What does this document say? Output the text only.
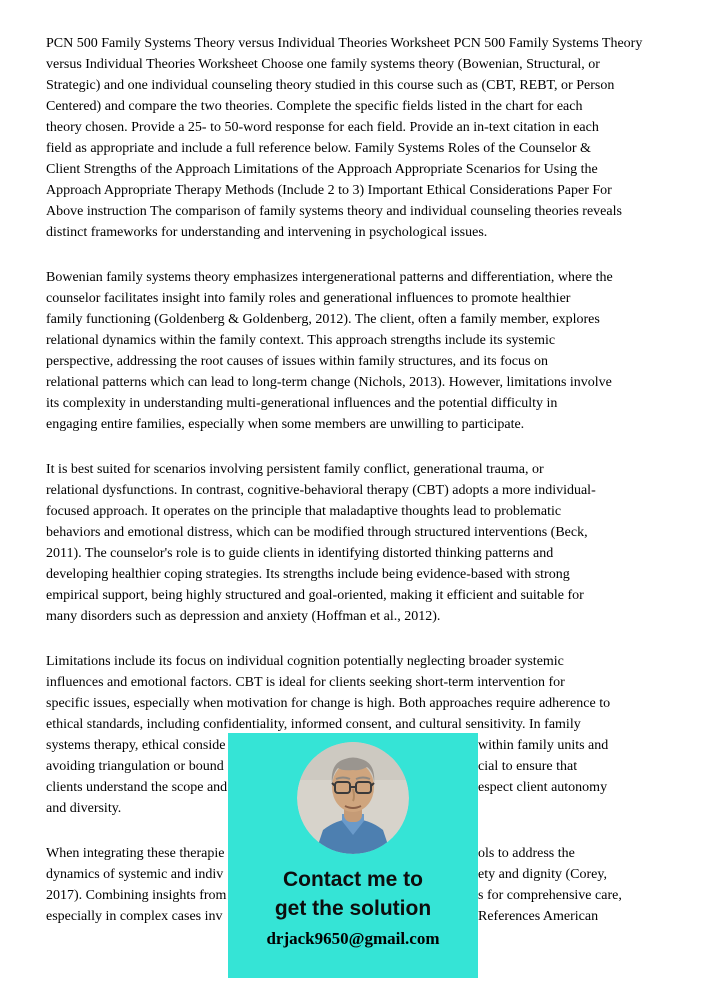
PCN 500 Family Systems Theory versus Individual Theories Worksheet PCN 500 Family Systems Theory
versus Individual Theories Worksheet Choose one family systems theory (Bowenian, Structural, or
Strategic) and one individual counseling theory studied in this course such as (CBT, REBT, or Person
Centered) and compare the two theories. Complete the specific fields listed in the chart for each
theory chosen. Provide a 25- to 50-word response for each field. Provide an in-text citation in each
field as appropriate and include a full reference below. Family Systems Roles of the Counselor &
Client Strengths of the Approach Limitations of the Approach Appropriate Scenarios for Using the
Approach Appropriate Therapy Methods (Include 2 to 3) Important Ethical Considerations Paper For
Above instruction The comparison of family systems theory and individual counseling theories reveals
distinct frameworks for understanding and intervening in psychological issues.
Bowenian family systems theory emphasizes intergenerational patterns and differentiation, where the
counselor facilitates insight into family roles and generational influences to promote healthier
family functioning (Goldenberg & Goldenberg, 2012). The client, often a family member, explores
relational dynamics within the family context. This approach strengths include its systemic
perspective, addressing the root causes of issues within family structures, and its focus on
relational patterns which can lead to long-term change (Nichols, 2013). However, limitations involve
its complexity in understanding multi-generational influences and the potential difficulty in
engaging entire families, especially when some members are unwilling to participate.
It is best suited for scenarios involving persistent family conflict, generational trauma, or
relational dysfunctions. In contrast, cognitive-behavioral therapy (CBT) adopts a more individual-
focused approach. It operates on the principle that maladaptive thoughts lead to problematic
behaviors and emotional distress, which can be modified through structured interventions (Beck,
2011). The counselor's role is to guide clients in identifying distorted thinking patterns and
developing healthier coping strategies. Its strengths include being evidence-based with strong
empirical support, being highly structured and goal-oriented, making it efficient and suitable for
many disorders such as depression and anxiety (Hoffman et al., 2012).
Limitations include its focus on individual cognition potentially neglecting broader systemic
influences and emotional factors. CBT is ideal for clients seeking short-term intervention for
specific issues, especially when motivation for change is high. Both approaches require adherence to
ethical standards, including confidentiality, informed consent, and cultural sensitivity. In family
systems therapy, ethical conside	within family units and
avoiding triangulation or bound	cial to ensure that
clients understand the scope and	espect client autonomy
and diversity.
When integrating these therapie	ols to address the
dynamics of systemic and indiv	ety and dignity (Corey,
2017). Combining insights from	s for comprehensive care,
especially in complex cases inv	References American
Contact me to
get the solution
drjack9650@gmail.com
